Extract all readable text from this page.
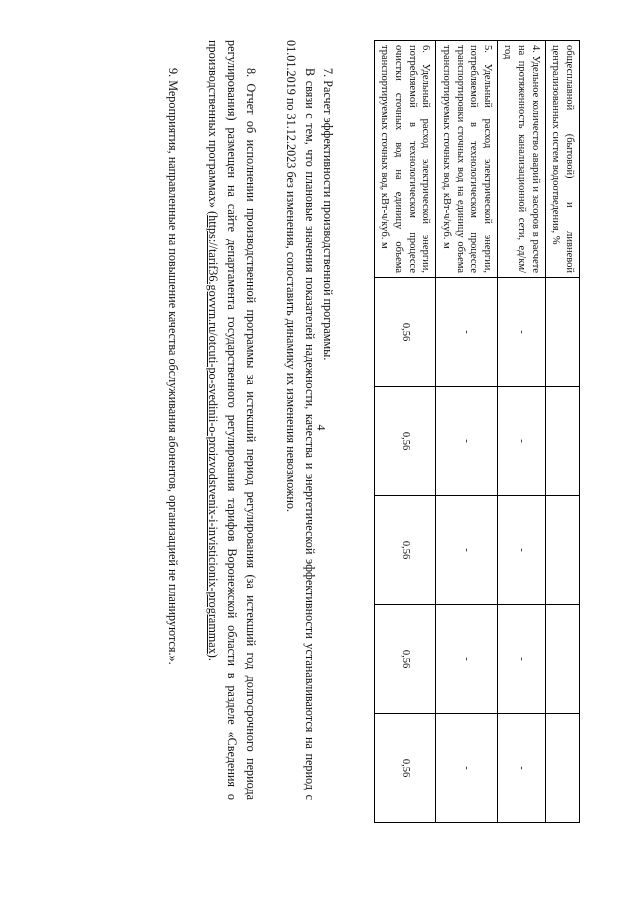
4
общесплавной (бытовой) и ливневой централизованных систем водоотведения, %					
4. Удельное количество аварий и засоров в расчете на протяженность канализационной сети, ед/км/год	-	-	-	-	-
5. Удельный расход электрической энергии, потребляемой в технологическом процессе транспортировки сточных вод на единицу объема транспортируемых сточных вод, кВт-ч/куб. м	-	-	-	-	-
6. Удельный расход электрической энергии, потребляемой в технологическом процессе очистки сточных вод на единицу объема транспортируемых сточных вод, кВт-ч/куб. м	0,56	0,56	0,56	0,56	0,56
7. Расчет эффективности производственной программы.
В связи с тем, что плановые значения показателей надежности, качества и энергетической эффективности устанавливаются на период с 01.01.2019 по 31.12.2023 без изменения, сопоставить динамику их изменения невозможно.
8. Отчет об исполнении производственной программы за истекший период регулирования (за истекший год долгосрочного периода регулирования) размещен на сайте департамента государственного регулирования тарифов Воронежской области в разделе «Сведения о производственных программах» (https://tarif36.govvrn.ru/otcuti-po-svedinii-o-proizvodstvenix-i-invisticionix-programmax).
9. Мероприятия, направленные на повышение качества обслуживания абонентов, организацией не планируются.».
